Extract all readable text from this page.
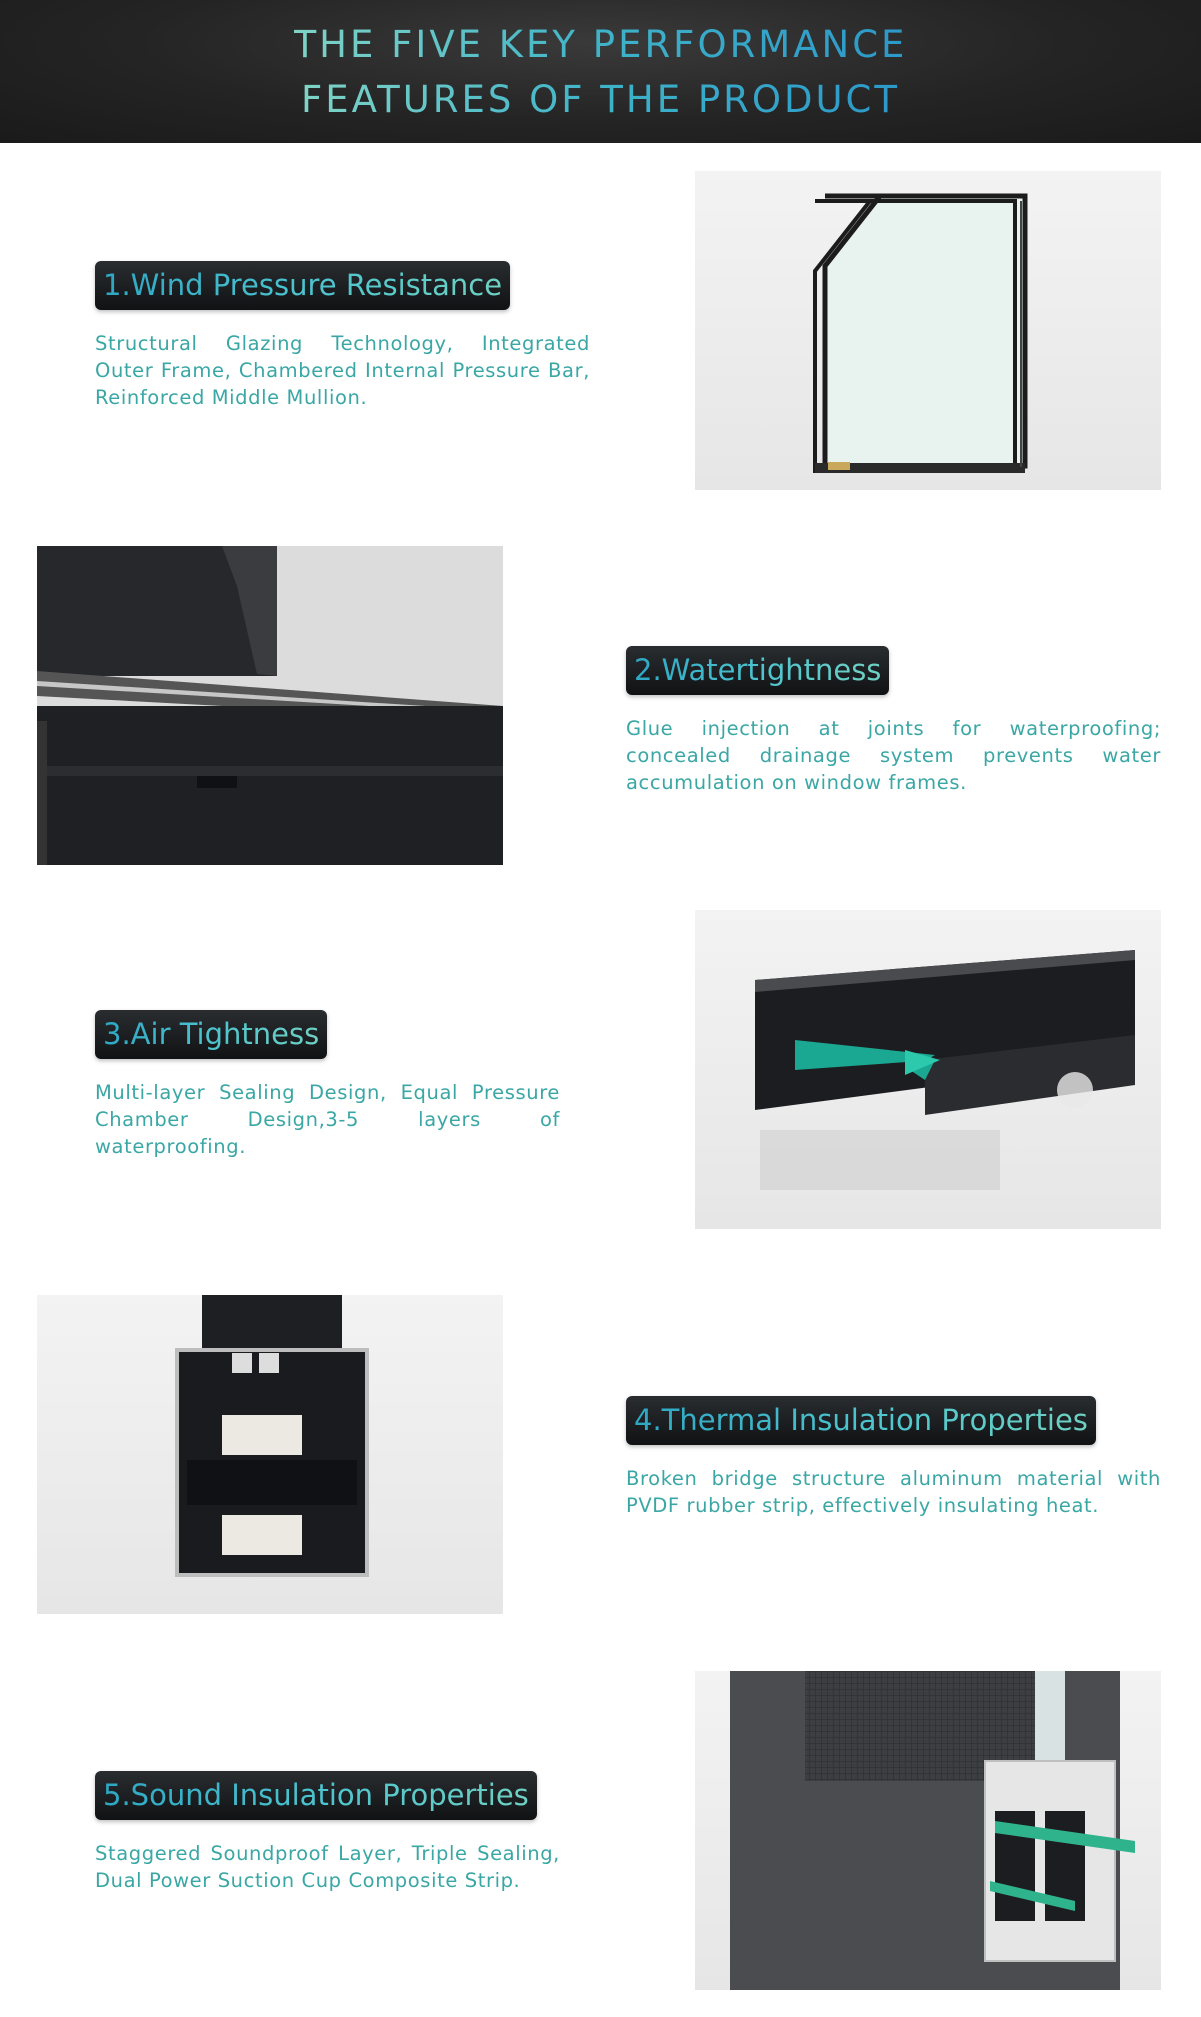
THE FIVE KEY PERFORMANCE
FEATURES OF THE PRODUCT
1.Wind Pressure Resistance
Structural Glazing Technology, Integrated Outer Frame, Chambered Internal Pressure Bar, Reinforced Middle Mullion.
2.Watertightness
Glue injection at joints for waterproofing; concealed drainage system prevents water accumulation on window frames.
3.Air Tightness
Multi-layer Sealing Design, Equal Pressure Chamber Design,3-5 layers of waterproofing.
4.Thermal Insulation Properties
Broken bridge structure aluminum material with PVDF rubber strip, effectively insulating heat.
5.Sound Insulation Properties
Staggered Soundproof Layer, Triple Sealing, Dual Power Suction Cup Composite Strip.
